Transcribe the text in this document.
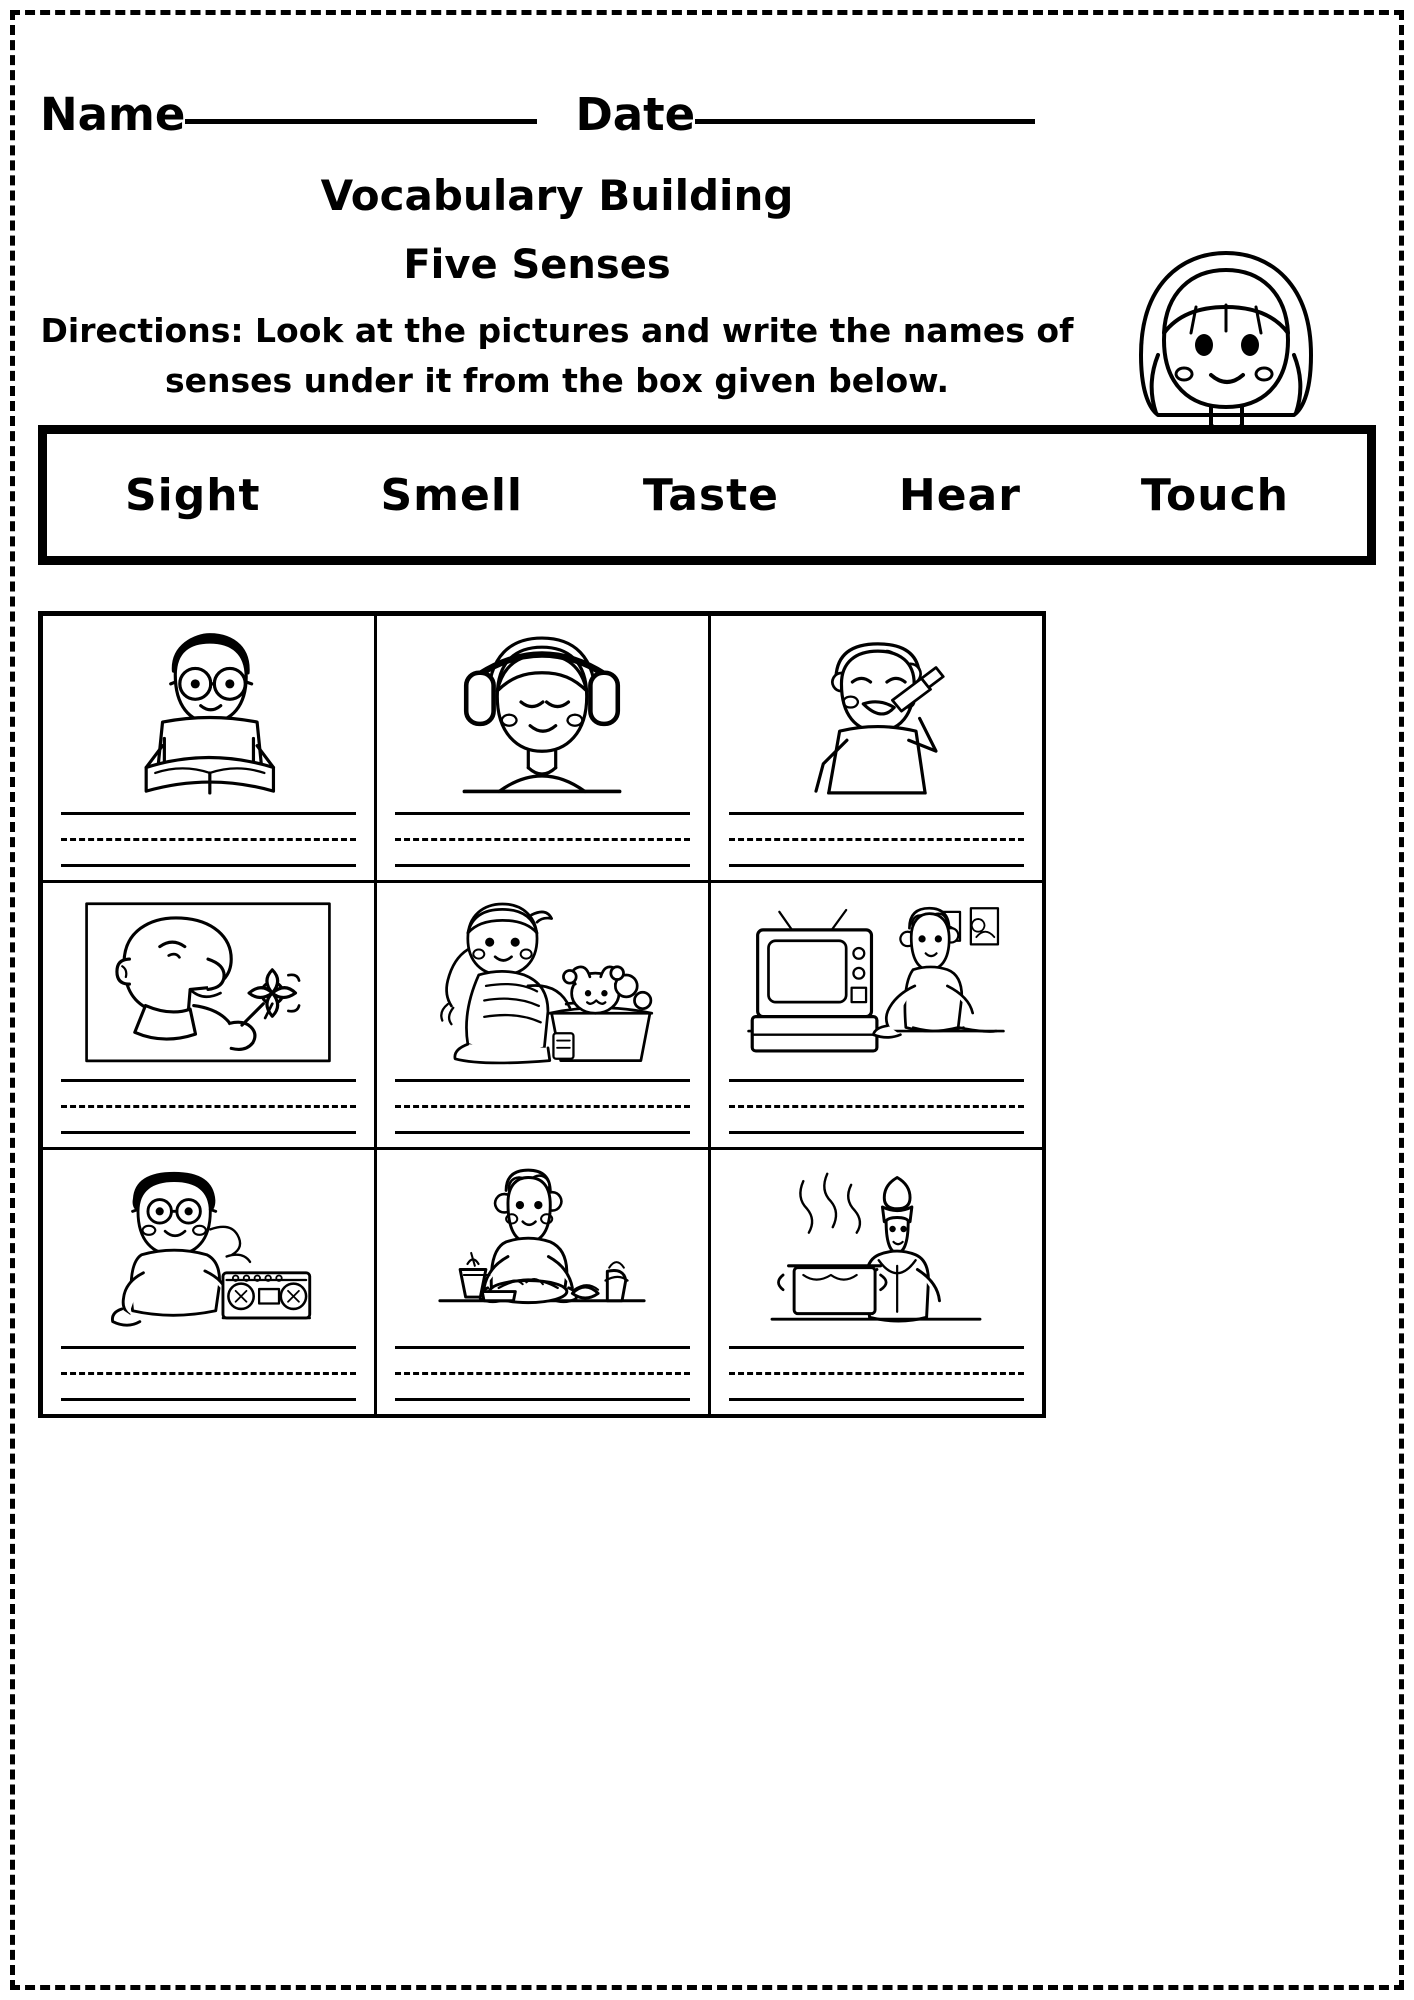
Name	Date
Vocabulary Building
Five Senses
Directions: Look at the pictures and write the names of senses under it from the box given below.
Sight	Smell	Taste	Hear	Touch
